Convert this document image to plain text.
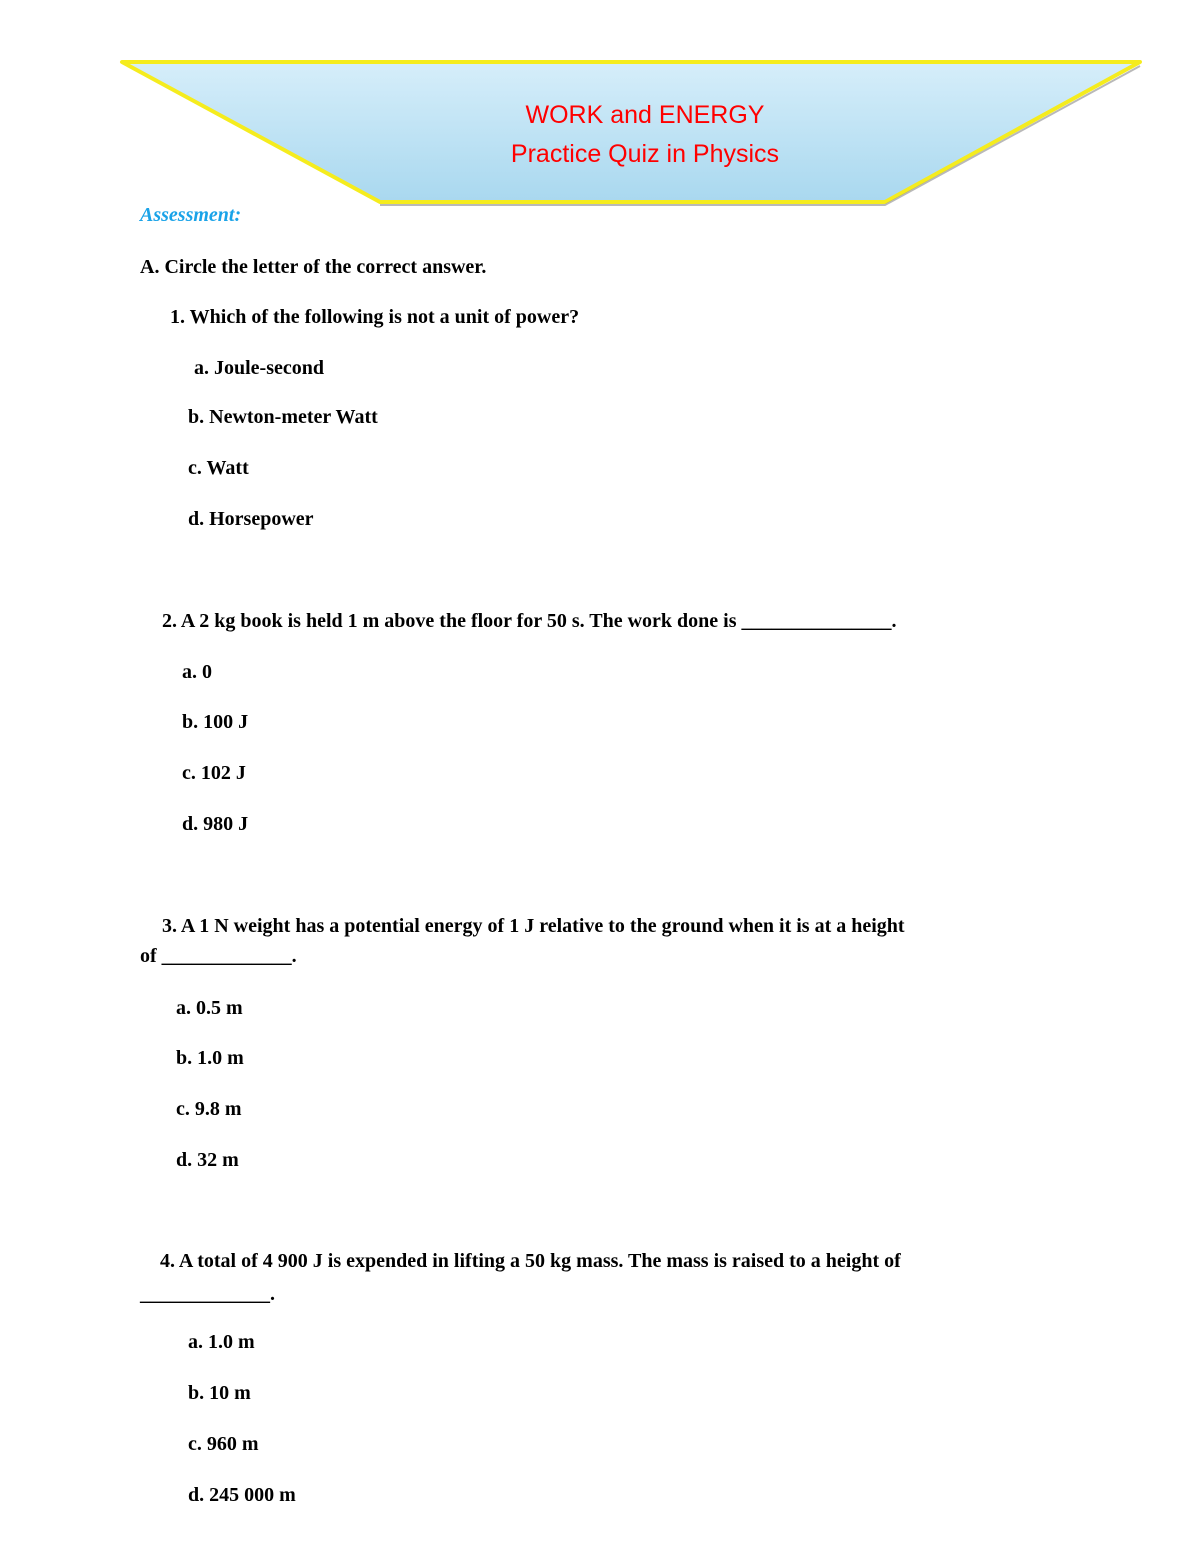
WORK and ENERGY
Practice Quiz in Physics
Assessment:
A. Circle the letter of the correct answer.
1. Which of the following is not a unit of power?
a. Joule-second
b. Newton-meter Watt
c. Watt
d. Horsepower
2. A 2 kg book is held 1 m above the floor for 50 s. The work done is _______________.
a. 0
b. 100 J
c. 102 J
d. 980 J
3. A 1 N weight has a potential energy of 1 J relative to the ground when it is at a height
of _____________.
a. 0.5 m
b. 1.0 m
c. 9.8 m
d. 32 m
4. A total of 4 900 J is expended in lifting a 50 kg mass. The mass is raised to a height of
_____________.
a. 1.0 m
b. 10 m
c. 960 m
d. 245 000 m
